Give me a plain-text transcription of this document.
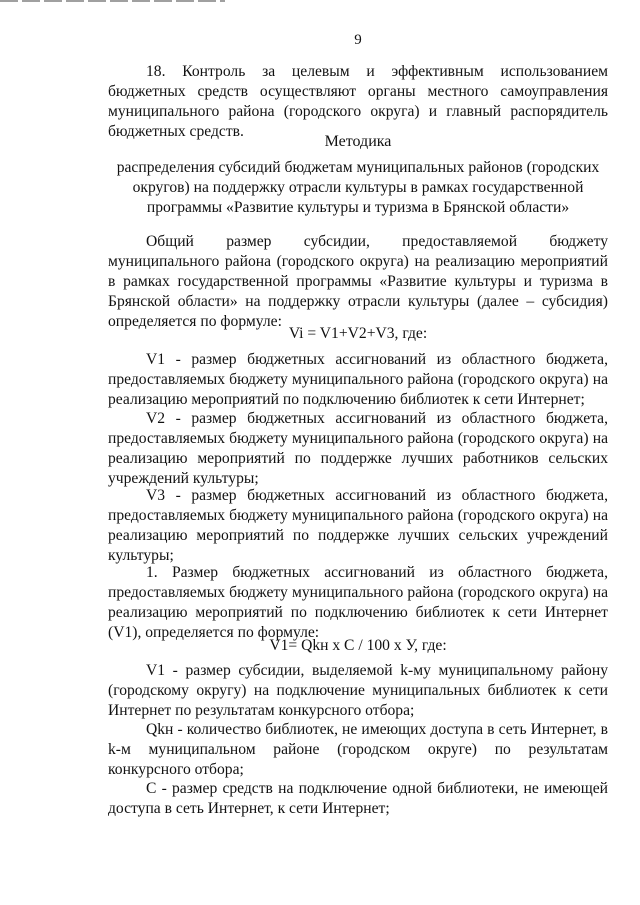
9

18. Контроль за целевым и эффективным использованием бюджетных средств осуществляют органы местного самоуправления муниципального района (городского округа) и главный распорядитель бюджетных средств.

Методика

распределения субсидий бюджетам муниципальных районов (городских округов) на поддержку отрасли культуры в рамках государственной программы «Развитие культуры и туризма в Брянской области»

Общий размер субсидии, предоставляемой бюджету муниципального района (городского округа) на реализацию мероприятий в рамках государственной программы «Развитие культуры и туризма в Брянской области» на поддержку отрасли культуры (далее – субсидия) определяется по формуле:

Vi = V1+V2+V3, где:

V1 - размер бюджетных ассигнований из областного бюджета, предоставляемых бюджету муниципального района (городского округа) на реализацию мероприятий по подключению библиотек к сети Интернет;

V2 - размер бюджетных ассигнований из областного бюджета, предоставляемых бюджету муниципального района (городского округа) на реализацию мероприятий по поддержке лучших работников сельских учреждений культуры;

V3 - размер бюджетных ассигнований из областного бюджета, предоставляемых бюджету муниципального района (городского округа) на реализацию мероприятий по поддержке лучших сельских учреждений культуры;

1. Размер бюджетных ассигнований из областного бюджета, предоставляемых бюджету муниципального района (городского округа) на реализацию мероприятий по подключению библиотек к сети Интернет (V1), определяется по формуле:

V1= Qkн х С / 100 х У, где:

V1 - размер субсидии, выделяемой k-му муниципальному району (городскому округу) на подключение муниципальных библиотек к сети Интернет по результатам конкурсного отбора;

Qkн - количество библиотек, не имеющих доступа в сеть Интернет, в k-м муниципальном районе (городском округе) по результатам конкурсного отбора;

С - размер средств на подключение одной библиотеки, не имеющей доступа в сеть Интернет, к сети Интернет;
